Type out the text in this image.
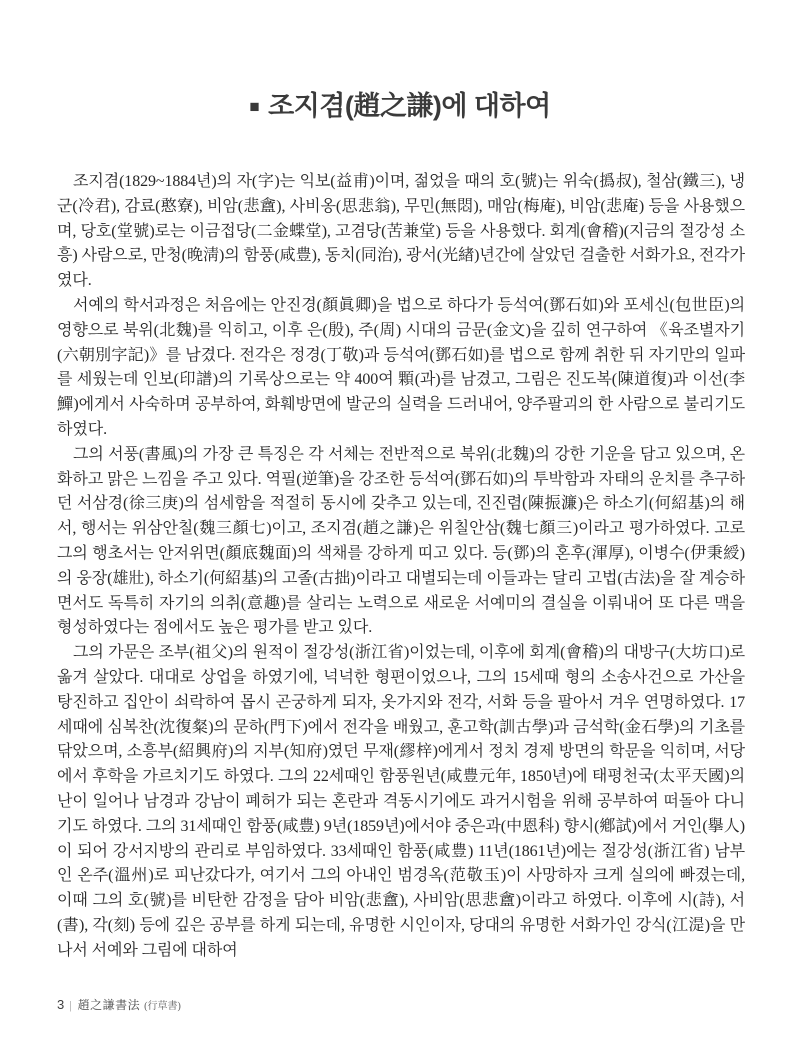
■ 조지겸(趙之謙)에 대하여

조지겸(1829~1884년)의 자(字)는 익보(益甫)이며, 젊었을 때의 호(號)는 위숙(撝叔), 철삼(鐵三), 냉군(冷君), 감료(憨寮), 비암(悲盦), 사비옹(思悲翁), 무민(無悶), 매암(梅庵), 비암(悲庵) 등을 사용했으며, 당호(堂號)로는 이금접당(二金蝶堂), 고겸당(苦兼堂) 등을 사용했다. 회계(會稽)(지금의 절강성 소흥) 사람으로, 만청(晚淸)의 함풍(咸豊), 동치(同治), 광서(光緖)년간에 살았던 걸출한 서화가요, 전각가였다.

서예의 학서과정은 처음에는 안진경(顏眞卿)을 법으로 하다가 등석여(鄧石如)와 포세신(包世臣)의 영향으로 북위(北魏)를 익히고, 이후 은(殷), 주(周) 시대의 금문(金文)을 깊히 연구하여 《육조별자기(六朝別字記)》를 남겼다. 전각은 정경(丁敬)과 등석여(鄧石如)를 법으로 함께 취한 뒤 자기만의 일파를 세웠는데 인보(印譜)의 기록상으로는 약 400여 顆(과)를 남겼고, 그림은 진도복(陳道復)과 이선(李鱓)에게서 사숙하며 공부하여, 화훼방면에 발군의 실력을 드러내어, 양주팔괴의 한 사람으로 불리기도 하였다.

그의 서풍(書風)의 가장 큰 특징은 각 서체는 전반적으로 북위(北魏)의 강한 기운을 담고 있으며, 온화하고 맑은 느낌을 주고 있다. 역필(逆筆)을 강조한 등석여(鄧石如)의 투박함과 자태의 운치를 추구하던 서삼경(徐三庚)의 섬세함을 적절히 동시에 갖추고 있는데, 진진렴(陳振濂)은 하소기(何紹基)의 해서, 행서는 위삼안칠(魏三顏七)이고, 조지겸(趙之謙)은 위칠안삼(魏七顏三)이라고 평가하였다. 고로 그의 행초서는 안저위면(顏底魏面)의 색채를 강하게 띠고 있다. 등(鄧)의 혼후(渾厚), 이병수(伊秉綬)의 웅장(雄壯), 하소기(何紹基)의 고졸(古拙)이라고 대별되는데 이들과는 달리 고법(古法)을 잘 계승하면서도 독특히 자기의 의취(意趣)를 살리는 노력으로 새로운 서예미의 결실을 이뤄내어 또 다른 맥을 형성하였다는 점에서도 높은 평가를 받고 있다.

그의 가문은 조부(祖父)의 원적이 절강성(浙江省)이었는데, 이후에 회계(會稽)의 대방구(大坊口)로 옮겨 살았다. 대대로 상업을 하였기에, 넉넉한 형편이었으나, 그의 15세때 형의 소송사건으로 가산을 탕진하고 집안이 쇠락하여 몹시 곤궁하게 되자, 옷가지와 전각, 서화 등을 팔아서 겨우 연명하였다. 17세때에 심복찬(沈復粲)의 문하(門下)에서 전각을 배웠고, 훈고학(訓古學)과 금석학(金石學)의 기초를 닦았으며, 소흥부(紹興府)의 지부(知府)였던 무재(繆梓)에게서 정치 경제 방면의 학문을 익히며, 서당에서 후학을 가르치기도 하였다. 그의 22세때인 함풍원년(咸豊元年, 1850년)에 태평천국(太平天國)의 난이 일어나 남경과 강남이 폐허가 되는 혼란과 격동시기에도 과거시험을 위해 공부하여 떠돌아 다니기도 하였다. 그의 31세때인 함풍(咸豊) 9년(1859년)에서야 중은과(中恩科) 향시(鄕試)에서 거인(擧人)이 되어 강서지방의 관리로 부임하였다. 33세때인 함풍(咸豊) 11년(1861년)에는 절강성(浙江省) 남부인 온주(溫州)로 피난갔다가, 여기서 그의 아내인 범경옥(范敬玉)이 사망하자 크게 실의에 빠졌는데, 이때 그의 호(號)를 비탄한 감정을 담아 비암(悲盦), 사비암(思悲盦)이라고 하였다. 이후에 시(詩), 서(書), 각(刻) 등에 깊은 공부를 하게 되는데, 유명한 시인이자, 당대의 유명한 서화가인 강식(江湜)을 만나서 서예와 그림에 대하여

3 | 趙之謙書法 (行草書)
